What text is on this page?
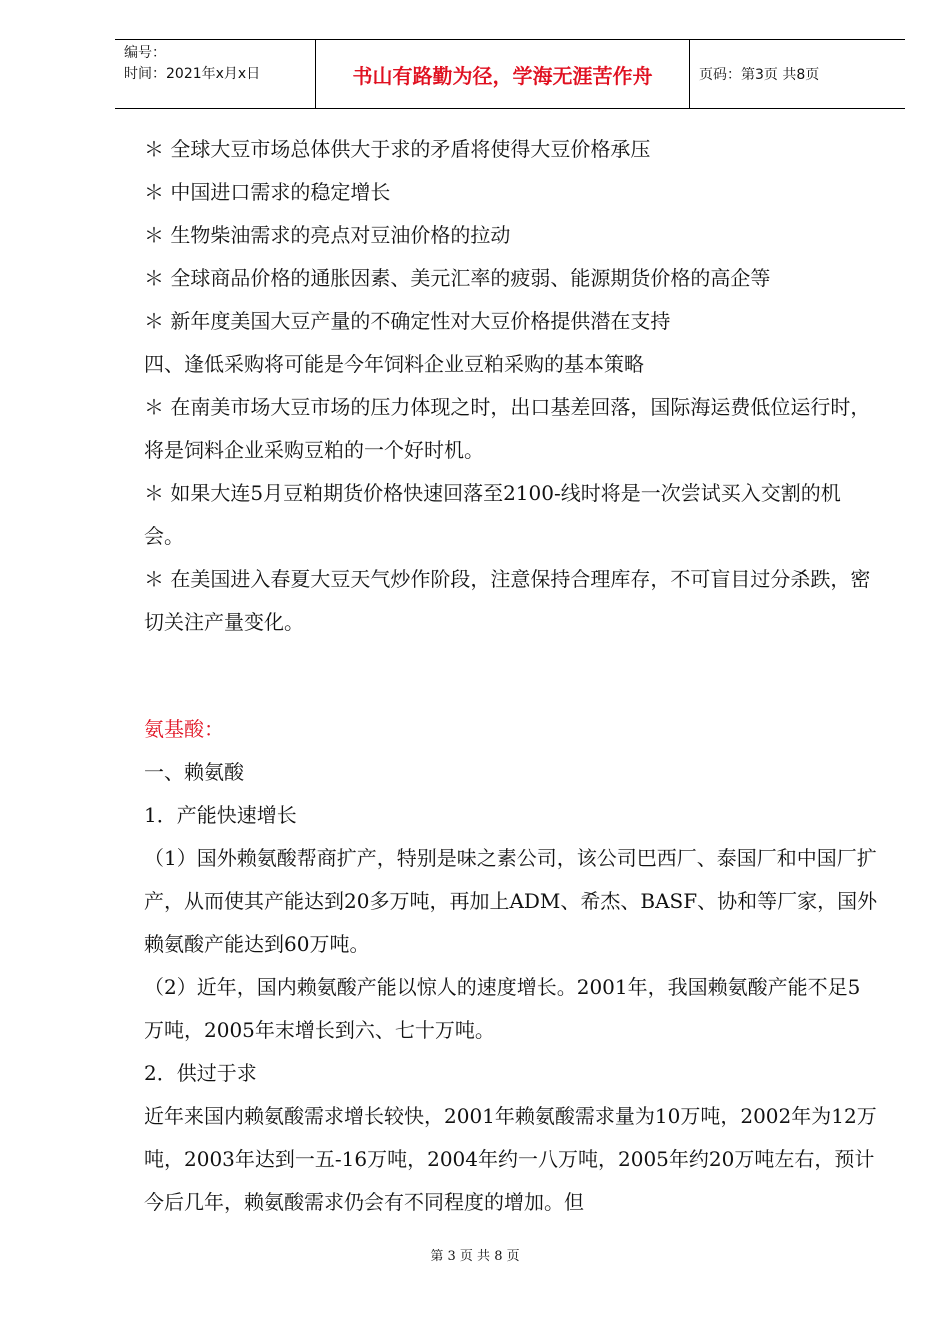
编号：
时间：2021年x月x日	书山有路勤为径，学海无涯苦作舟	页码：第3页 共8页

＊ 全球大豆市场总体供大于求的矛盾将使得大豆价格承压

＊ 中国进口需求的稳定增长

＊ 生物柴油需求的亮点对豆油价格的拉动

＊ 全球商品价格的通胀因素、美元汇率的疲弱、能源期货价格的高企等

＊ 新年度美国大豆产量的不确定性对大豆价格提供潜在支持

四、逢低采购将可能是今年饲料企业豆粕采购的基本策略

＊ 在南美市场大豆市场的压力体现之时，出口基差回落，国际海运费低位运行时，将是饲料企业采购豆粕的一个好时机。

＊ 如果大连5月豆粕期货价格快速回落至2100-线时将是一次尝试买入交割的机会。

＊ 在美国进入春夏大豆天气炒作阶段，注意保持合理库存，不可盲目过分杀跌，密切关注产量变化。

氨基酸：

一、赖氨酸

1．产能快速增长

（1）国外赖氨酸帮商扩产，特别是味之素公司，该公司巴西厂、泰国厂和中国厂扩产，从而使其产能达到20多万吨，再加上ADM、希杰、BASF、协和等厂家，国外赖氨酸产能达到60万吨。

（2）近年，国内赖氨酸产能以惊人的速度增长。2001年，我国赖氨酸产能不足5万吨，2005年末增长到六、七十万吨。

2．供过于求

近年来国内赖氨酸需求增长较快，2001年赖氨酸需求量为10万吨，2002年为12万吨，2003年达到一五-16万吨，2004年约一八万吨，2005年约20万吨左右，预计今后几年，赖氨酸需求仍会有不同程度的增加。但

第 3 页 共 8 页
